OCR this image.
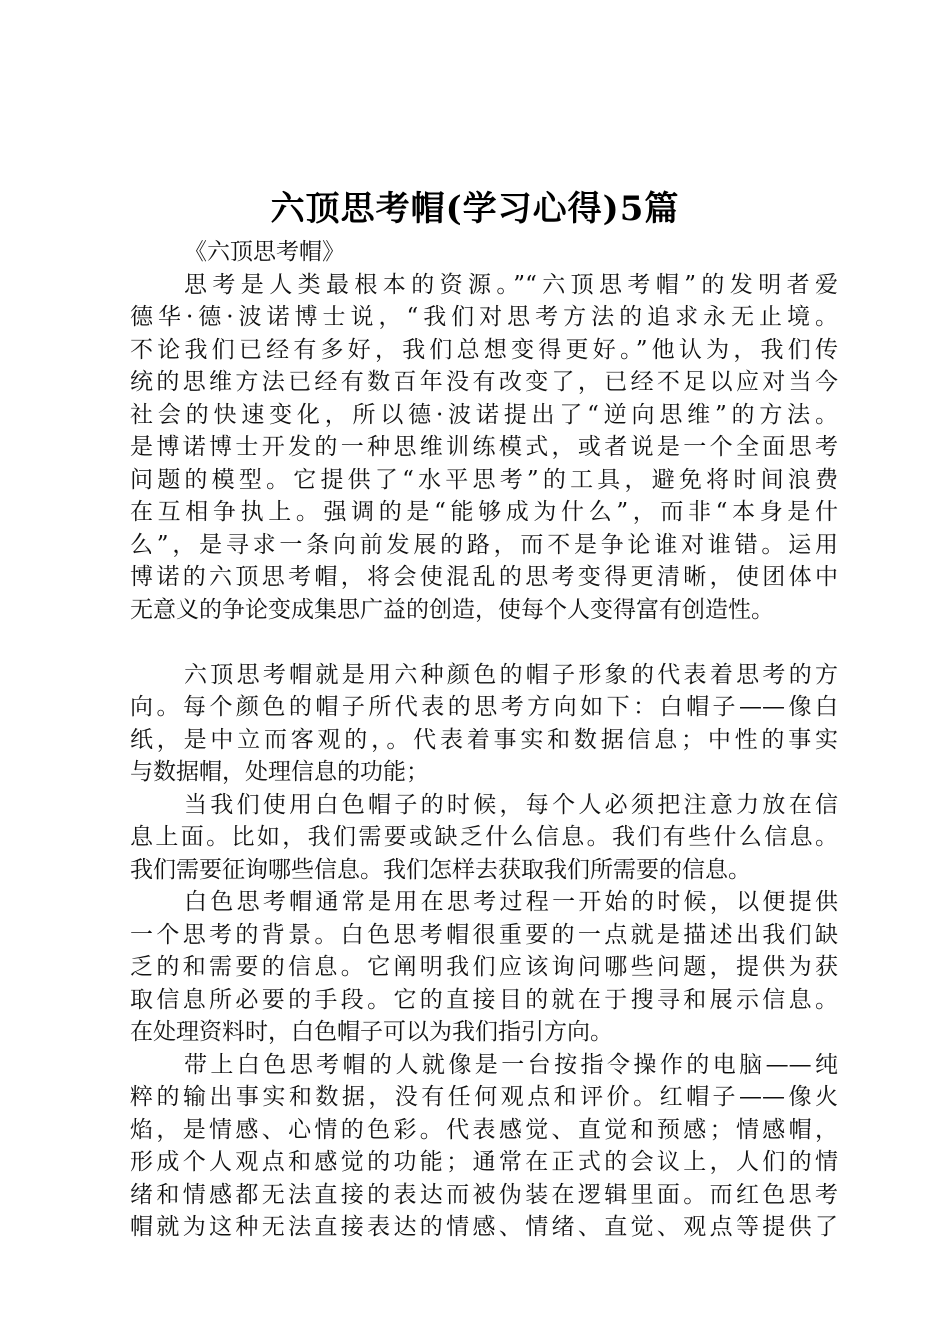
六顶思考帽(学习心得)5篇
《六顶思考帽》
思考是人类最根本的资源。”“六顶思考帽”的发明者爱
德华·德·波诺博士说，“我们对思考方法的追求永无止境。
不论我们已经有多好，我们总想变得更好。”他认为，我们传
统的思维方法已经有数百年没有改变了，已经不足以应对当今
社会的快速变化，所以德·波诺提出了“逆向思维”的方法。
是博诺博士开发的一种思维训练模式，或者说是一个全面思考
问题的模型。它提供了“水平思考”的工具，避免将时间浪费
在互相争执上。强调的是“能够成为什么”，而非“本身是什
么”，是寻求一条向前发展的路，而不是争论谁对谁错。运用
博诺的六顶思考帽，将会使混乱的思考变得更清晰，使团体中
无意义的争论变成集思广益的创造，使每个人变得富有创造性。
六顶思考帽就是用六种颜色的帽子形象的代表着思考的方
向。每个颜色的帽子所代表的思考方向如下：白帽子——像白
纸，是中立而客观的，。代表着事实和数据信息；中性的事实
与数据帽，处理信息的功能；
当我们使用白色帽子的时候，每个人必须把注意力放在信
息上面。比如，我们需要或缺乏什么信息。我们有些什么信息。
我们需要征询哪些信息。我们怎样去获取我们所需要的信息。
白色思考帽通常是用在思考过程一开始的时候，以便提供
一个思考的背景。白色思考帽很重要的一点就是描述出我们缺
乏的和需要的信息。它阐明我们应该询问哪些问题，提供为获
取信息所必要的手段。它的直接目的就在于搜寻和展示信息。
在处理资料时，白色帽子可以为我们指引方向。
带上白色思考帽的人就像是一台按指令操作的电脑——纯
粹的输出事实和数据，没有任何观点和评价。红帽子——像火
焰，是情感、心情的色彩。代表感觉、直觉和预感；情感帽，
形成个人观点和感觉的功能；通常在正式的会议上，人们的情
绪和情感都无法直接的表达而被伪装在逻辑里面。而红色思考
帽就为这种无法直接表达的情感、情绪、直觉、观点等提供了
